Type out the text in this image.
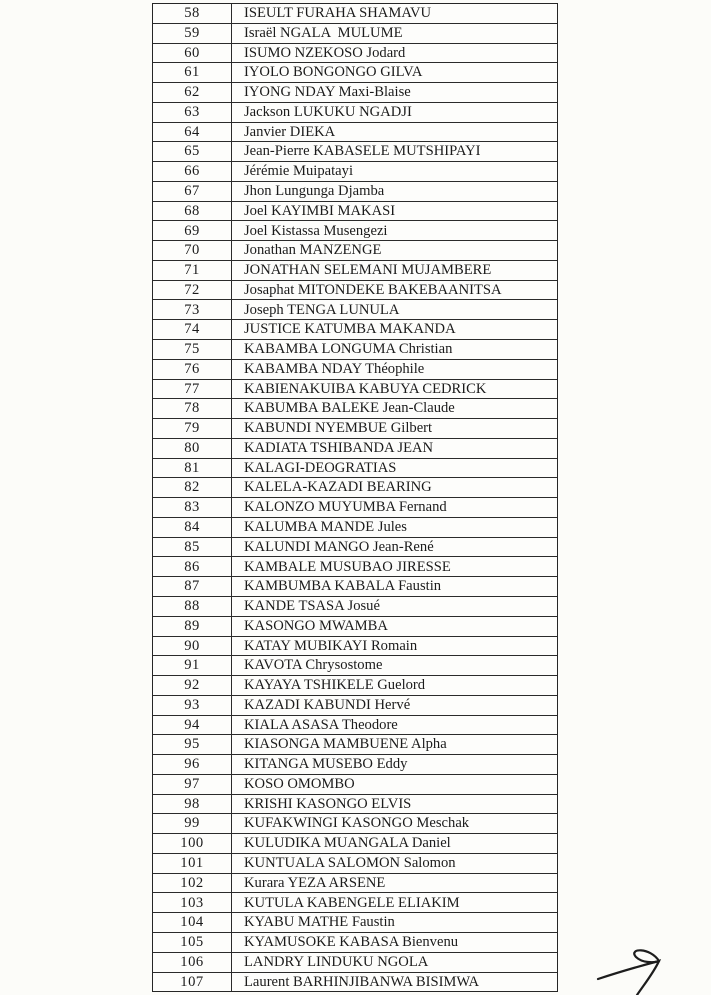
58	ISEULT FURAHA SHAMAVU
59	Israël NGALA  MULUME
60	ISUMO NZEKOSO Jodard
61	IYOLO BONGONGO GILVA
62	IYONG NDAY Maxi-Blaise
63	Jackson LUKUKU NGADJI
64	Janvier DIEKA
65	Jean-Pierre KABASELE MUTSHIPAYI
66	Jérémie Muipatayi
67	Jhon Lungunga Djamba
68	Joel KAYIMBI MAKASI
69	Joel Kistassa Musengezi
70	Jonathan MANZENGE
71	JONATHAN SELEMANI MUJAMBERE
72	Josaphat MITONDEKE BAKEBAANITSA
73	Joseph TENGA LUNULA
74	JUSTICE KATUMBA MAKANDA
75	KABAMBA LONGUMA Christian
76	KABAMBA NDAY Théophile
77	KABIENAKUIBA KABUYA CEDRICK
78	KABUMBA BALEKE Jean-Claude
79	KABUNDI NYEMBUE Gilbert
80	KADIATA TSHIBANDA JEAN
81	KALAGI-DEOGRATIAS
82	KALELA-KAZADI BEARING
83	KALONZO MUYUMBA Fernand
84	KALUMBA MANDE Jules
85	KALUNDI MANGO Jean-René
86	KAMBALE MUSUBAO JIRESSE
87	KAMBUMBA KABALA Faustin
88	KANDE TSASA Josué
89	KASONGO MWAMBA
90	KATAY MUBIKAYI Romain
91	KAVOTA Chrysostome
92	KAYAYA TSHIKELE Guelord
93	KAZADI KABUNDI Hervé
94	KIALA ASASA Theodore
95	KIASONGA MAMBUENE Alpha
96	KITANGA MUSEBO Eddy
97	KOSO OMOMBO
98	KRISHI KASONGO ELVIS
99	KUFAKWINGI KASONGO Meschak
100	KULUDIKA MUANGALA Daniel
101	KUNTUALA SALOMON Salomon
102	Kurara YEZA ARSENE
103	KUTULA KABENGELE ELIAKIM
104	KYABU MATHE Faustin
105	KYAMUSOKE KABASA Bienvenu
106	LANDRY LINDUKU NGOLA
107	Laurent BARHINJIBANWA BISIMWA
